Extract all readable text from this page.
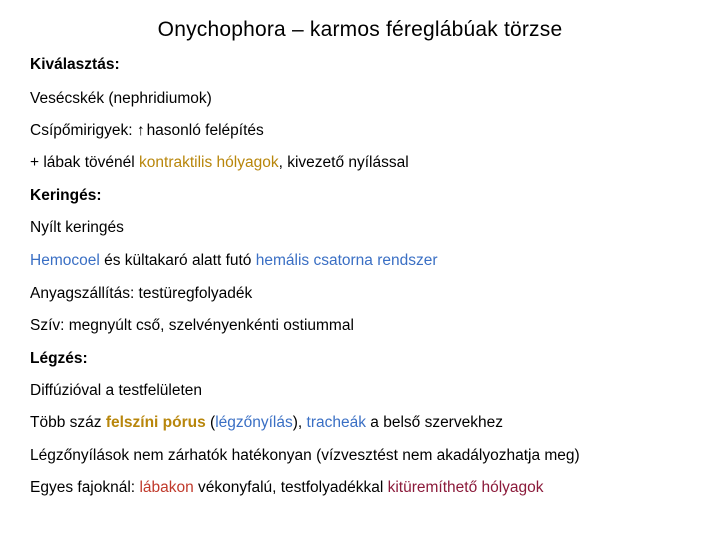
Onychophora – karmos féreglábúak törzse
Kiválasztás:
Vesécskék (nephridiumok)
Csípőmirigyek: ↑ hasonló felépítés
+ lábak tövénél kontraktilis hólyagok, kivezető nyílással
Keringés:
Nyílt keringés
Hemocoel és kültakaró alatt futó hemális csatorna rendszer
Anyagszállítás: testüregfolyadék
Szív: megnyúlt cső, szelvényenkénti ostiummal
Légzés:
Diffúzióval a testfelületen
Több száz felszíni pórus (légzőnyílás), tracheák a belső szervekhez
Légzőnyílások nem zárhatók hatékonyan (vízvesztést nem akadályozhatja meg)
Egyes fajoknál: lábakon vékonyfalú, testfolyadékkal kitüremíthető hólyagok
